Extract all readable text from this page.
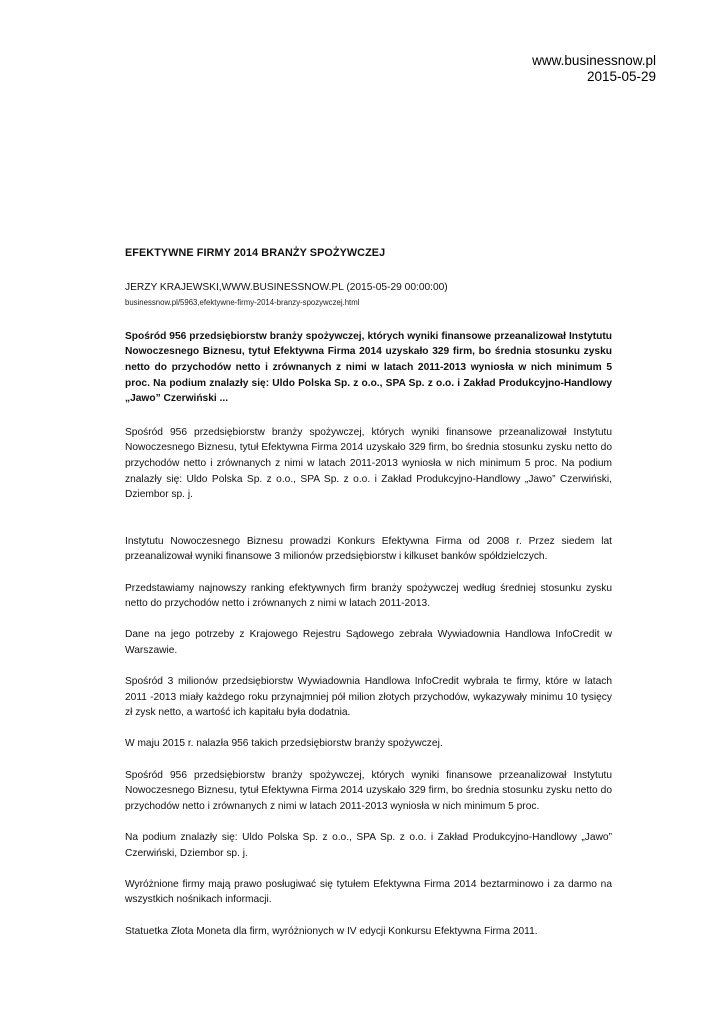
www.businessnow.pl
2015-05-29

EFEKTYWNE FIRMY 2014 BRANŻY SPOŻYWCZEJ

JERZY KRAJEWSKI,WWW.BUSINESSNOW.PL (2015-05-29 00:00:00)

businessnow.pl/5963,efektywne-firmy-2014-branzy-spozywczej.html

Spośród 956 przedsiębiorstw branży spożywczej, których wyniki finansowe przeanalizował Instytutu Nowoczesnego Biznesu, tytuł Efektywna Firma 2014 uzyskało 329 firm, bo średnia stosunku zysku netto do przychodów netto i zrównanych z nimi w latach 2011-2013 wyniosła w nich minimum 5 proc. Na podium znalazły się: Uldo Polska Sp. z o.o., SPA Sp. z o.o. i Zakład Produkcyjno-Handlowy „Jawo” Czerwiński ...

Spośród 956 przedsiębiorstw branży spożywczej, których wyniki finansowe przeanalizował Instytutu Nowoczesnego Biznesu, tytuł Efektywna Firma 2014 uzyskało 329 firm, bo średnia stosunku zysku netto do przychodów netto i zrównanych z nimi w latach 2011-2013 wyniosła w nich minimum 5 proc. Na podium znalazły się: Uldo Polska Sp. z o.o., SPA Sp. z o.o. i Zakład Produkcyjno-Handlowy „Jawo” Czerwiński, Dziembor sp. j.

Instytutu Nowoczesnego Biznesu prowadzi Konkurs Efektywna Firma od 2008 r. Przez siedem lat przeanalizował wyniki finansowe 3 milionów przedsiębiorstw i kilkuset banków spółdzielczych.

Przedstawiamy najnowszy ranking efektywnych firm branży spożywczej według średniej stosunku zysku netto do przychodów netto i zrównanych z nimi w latach 2011-2013.

Dane na jego potrzeby z Krajowego Rejestru Sądowego zebrała Wywiadownia Handlowa InfoCredit w Warszawie.

Spośród 3 milionów przedsiębiorstw Wywiadownia Handlowa InfoCredit wybrała te firmy, które w latach 2011 -2013 miały każdego roku przynajmniej pół milion złotych przychodów, wykazywały minimu 10 tysięcy zł zysk netto, a wartość ich kapitału była dodatnia.

W maju 2015 r. nalazła 956 takich przedsiębiorstw branży spożywczej.

Spośród 956 przedsiębiorstw branży spożywczej, których wyniki finansowe przeanalizował Instytutu Nowoczesnego Biznesu, tytuł Efektywna Firma 2014 uzyskało 329 firm, bo średnia stosunku zysku netto do przychodów netto i zrównanych z nimi w latach 2011-2013 wyniosła w nich minimum 5 proc.

Na podium znalazły się: Uldo Polska Sp. z o.o., SPA Sp. z o.o. i Zakład Produkcyjno-Handlowy „Jawo” Czerwiński, Dziembor sp. j.

Wyróżnione firmy mają prawo posługiwać się tytułem Efektywna Firma 2014 beztarminowo i za darmo na wszystkich nośnikach informacji.

Statuetka Złota Moneta dla firm, wyróżnionych w IV edycji Konkursu Efektywna Firma 2011.
